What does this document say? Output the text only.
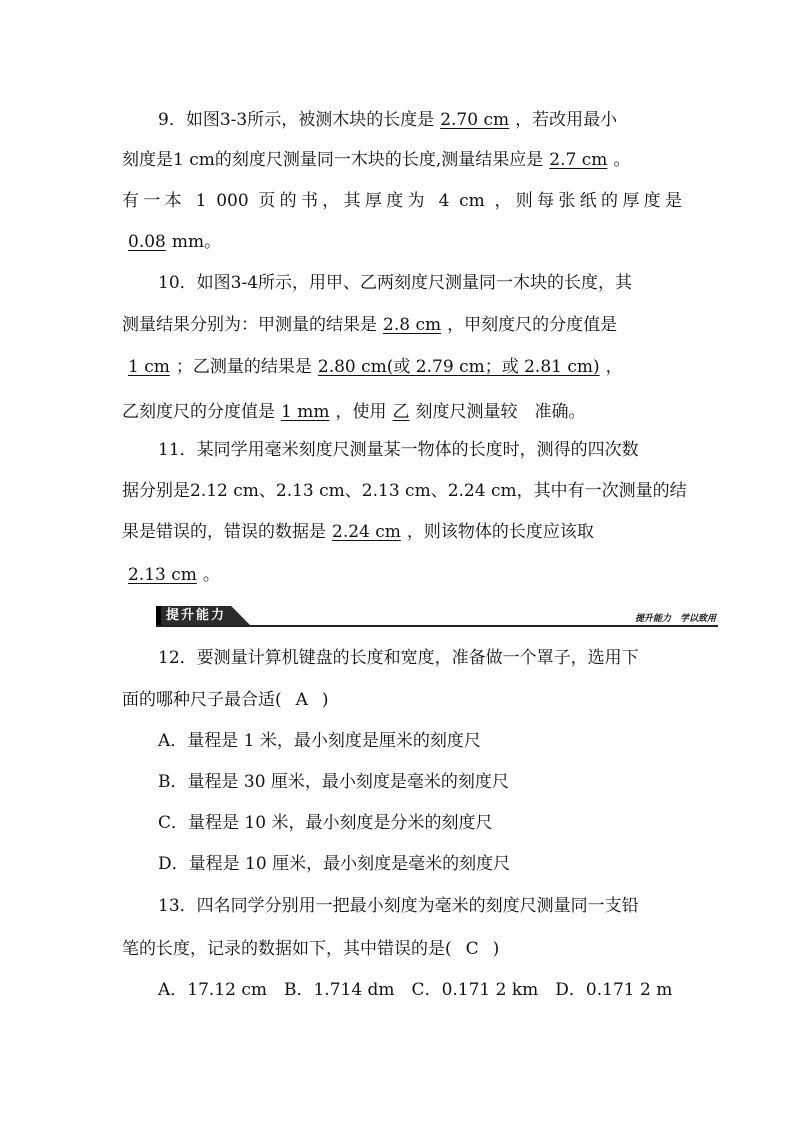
9．如图3-3所示，被测木块的长度是 2.70 cm ，若改用最小
刻度是1 cm的刻度尺测量同一木块的长度,测量结果应是 2.7 cm 。
有一本 1 000 页的书，其厚度为 4 cm ，则每张纸的厚度是
0.08 mm。
10．如图3-4所示，用甲、乙两刻度尺测量同一木块的长度，其
测量结果分别为：甲测量的结果是 2.8 cm ，甲刻度尺的分度值是
1 cm ；乙测量的结果是 2.80 cm(或 2.79 cm；或 2.81 cm) ，
乙刻度尺的分度值是 1 mm ，使用 乙 刻度尺测量较　准确。
11．某同学用毫米刻度尺测量某一物体的长度时，测得的四次数
据分别是2.12 cm、2.13 cm、2.13 cm、2.24 cm，其中有一次测量的结
果是错误的，错误的数据是 2.24 cm ，则该物体的长度应该取
2.13 cm 。
提升能力	提升能力　学以致用
12．要测量计算机键盘的长度和宽度，准备做一个罩子，选用下
面的哪种尺子最合适( A )
A．量程是 1 米，最小刻度是厘米的刻度尺
B．量程是 30 厘米，最小刻度是毫米的刻度尺
C．量程是 10 米，最小刻度是分米的刻度尺
D．量程是 10 厘米，最小刻度是毫米的刻度尺
13．四名同学分别用一把最小刻度为毫米的刻度尺测量同一支铅
笔的长度，记录的数据如下，其中错误的是( C )
A．17.12 cm　B．1.714 dm　C．0.171 2 km　D．0.171 2 m
